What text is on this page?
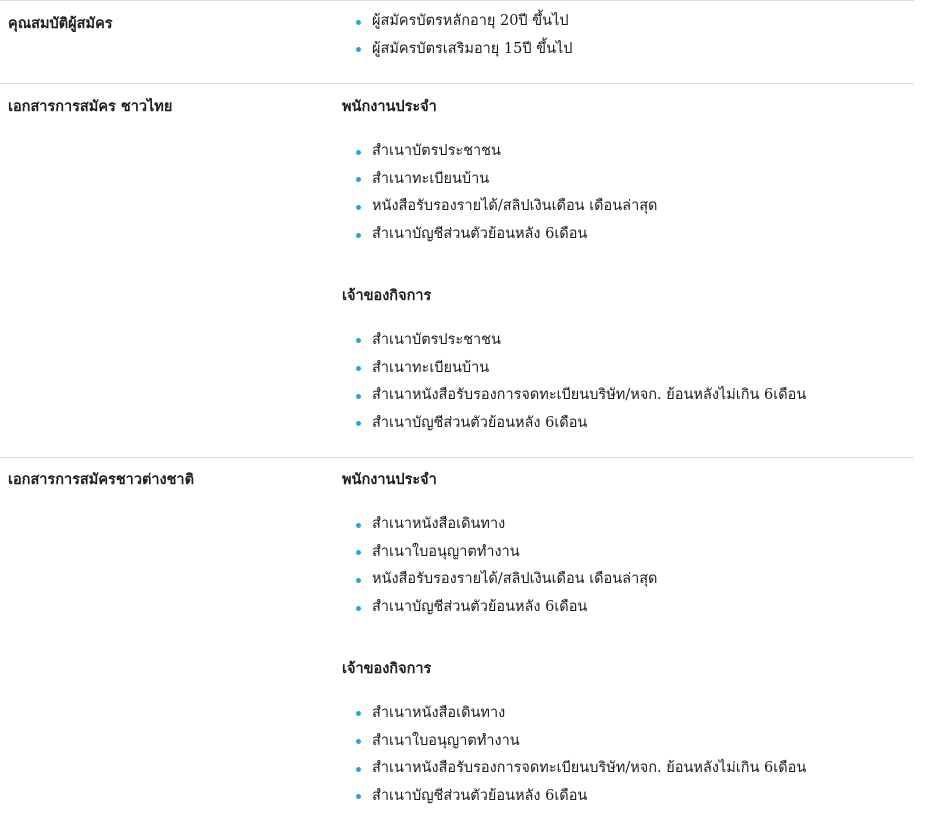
คุณสมบัติผู้สมัคร	ผู้สมัครบัตรหลักอายุ 20ปี ขึ้นไป
ผู้สมัครบัตรเสริมอายุ 15ปี ขึ้นไป
เอกสารการสมัคร ชาวไทย	พนักงานประจำ

สำเนาบัตรประชาชน
สำเนาทะเบียนบ้าน
หนังสือรับรองรายได้/สลิปเงินเดือน เดือนล่าสุด
สำเนาบัญชีส่วนตัวย้อนหลัง 6เดือน

เจ้าของกิจการ

สำเนาบัตรประชาชน
สำเนาทะเบียนบ้าน
สำเนาหนังสือรับรองการจดทะเบียนบริษัท/หจก. ย้อนหลังไม่เกิน 6เดือน
สำเนาบัญชีส่วนตัวย้อนหลัง 6เดือน
เอกสารการสมัครชาวต่างชาติ	พนักงานประจำ

สำเนาหนังสือเดินทาง
สำเนาใบอนุญาตทำงาน
หนังสือรับรองรายได้/สลิปเงินเดือน เดือนล่าสุด
สำเนาบัญชีส่วนตัวย้อนหลัง 6เดือน

เจ้าของกิจการ

สำเนาหนังสือเดินทาง
สำเนาใบอนุญาตทำงาน
สำเนาหนังสือรับรองการจดทะเบียนบริษัท/หจก. ย้อนหลังไม่เกิน 6เดือน
สำเนาบัญชีส่วนตัวย้อนหลัง 6เดือน
